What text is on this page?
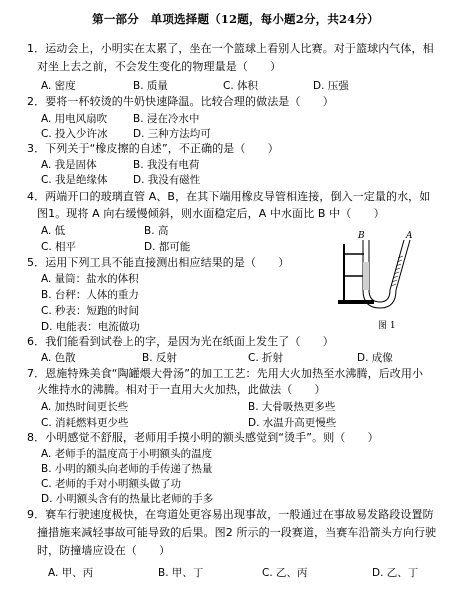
第一部分　单项选择题（12题，每小题2分，共24分）
1．运动会上，小明实在太累了，坐在一个篮球上看别人比赛。对于篮球内气体，相
对坐上去之前，不会发生变化的物理量是（　　）
A. 密度	B. 质量	C. 体积	D. 压强
2．要将一杯较烫的牛奶快速降温。比较合理的做法是（　　）
A. 用电风扇吹 B. 浸在冷水中
C. 投入少许冰 D. 三种方法均可
3．下列关于“橡皮擦的自述”，不正确的是（　　）
A. 我是固体	B. 我没有电荷
C. 我是绝缘体 D. 我没有磁性
4．两端开口的玻璃直管 A、B，在其下端用橡皮导管相连接，倒入一定量的水，如
图1。现将 A 向右缓慢倾斜，则水面稳定后，A 中水面比 B 中（　　）
A. 低	B. 高
C. 相平	D. 都可能
5．运用下列工具不能直接测出相应结果的是（　　）
A. 量筒：盐水的体积
B. 台秤：人体的重力
C. 秒表：短跑的时间
D. 电能表：电流做功
B	A
图 1
6．我们能看到试卷上的字，是因为光在纸面上发生了（　　）
A. 色散	B. 反射	C. 折射	D. 成像
7．恩施特殊美食“陶罐煨大骨汤”的加工工艺：先用大火加热至水沸腾，后改用小
火维持水的沸腾。相对于一直用大火加热，此做法（　　）
A. 加热时间更长些	B. 大骨吸热更多些
C. 消耗燃料更少些	D. 水温升高更慢些
8．小明感觉不舒服，老师用手摸小明的额头感觉到“烫手”。则（　　）
A. 老师手的温度高于小明额头的温度
B. 小明的额头向老师的手传递了热量
C. 老师的手对小明额头做了功
D. 小明额头含有的热量比老师的手多
9．赛车行驶速度极快，在弯道处更容易出现事故，一般通过在事故易发路段设置防
撞措施来减轻事故可能导致的后果。图2 所示的一段赛道，当赛车沿箭头方向行驶
时，防撞墙应设在（　　）
A. 甲、丙	B. 甲、丁	C. 乙、丙	D. 乙、丁
